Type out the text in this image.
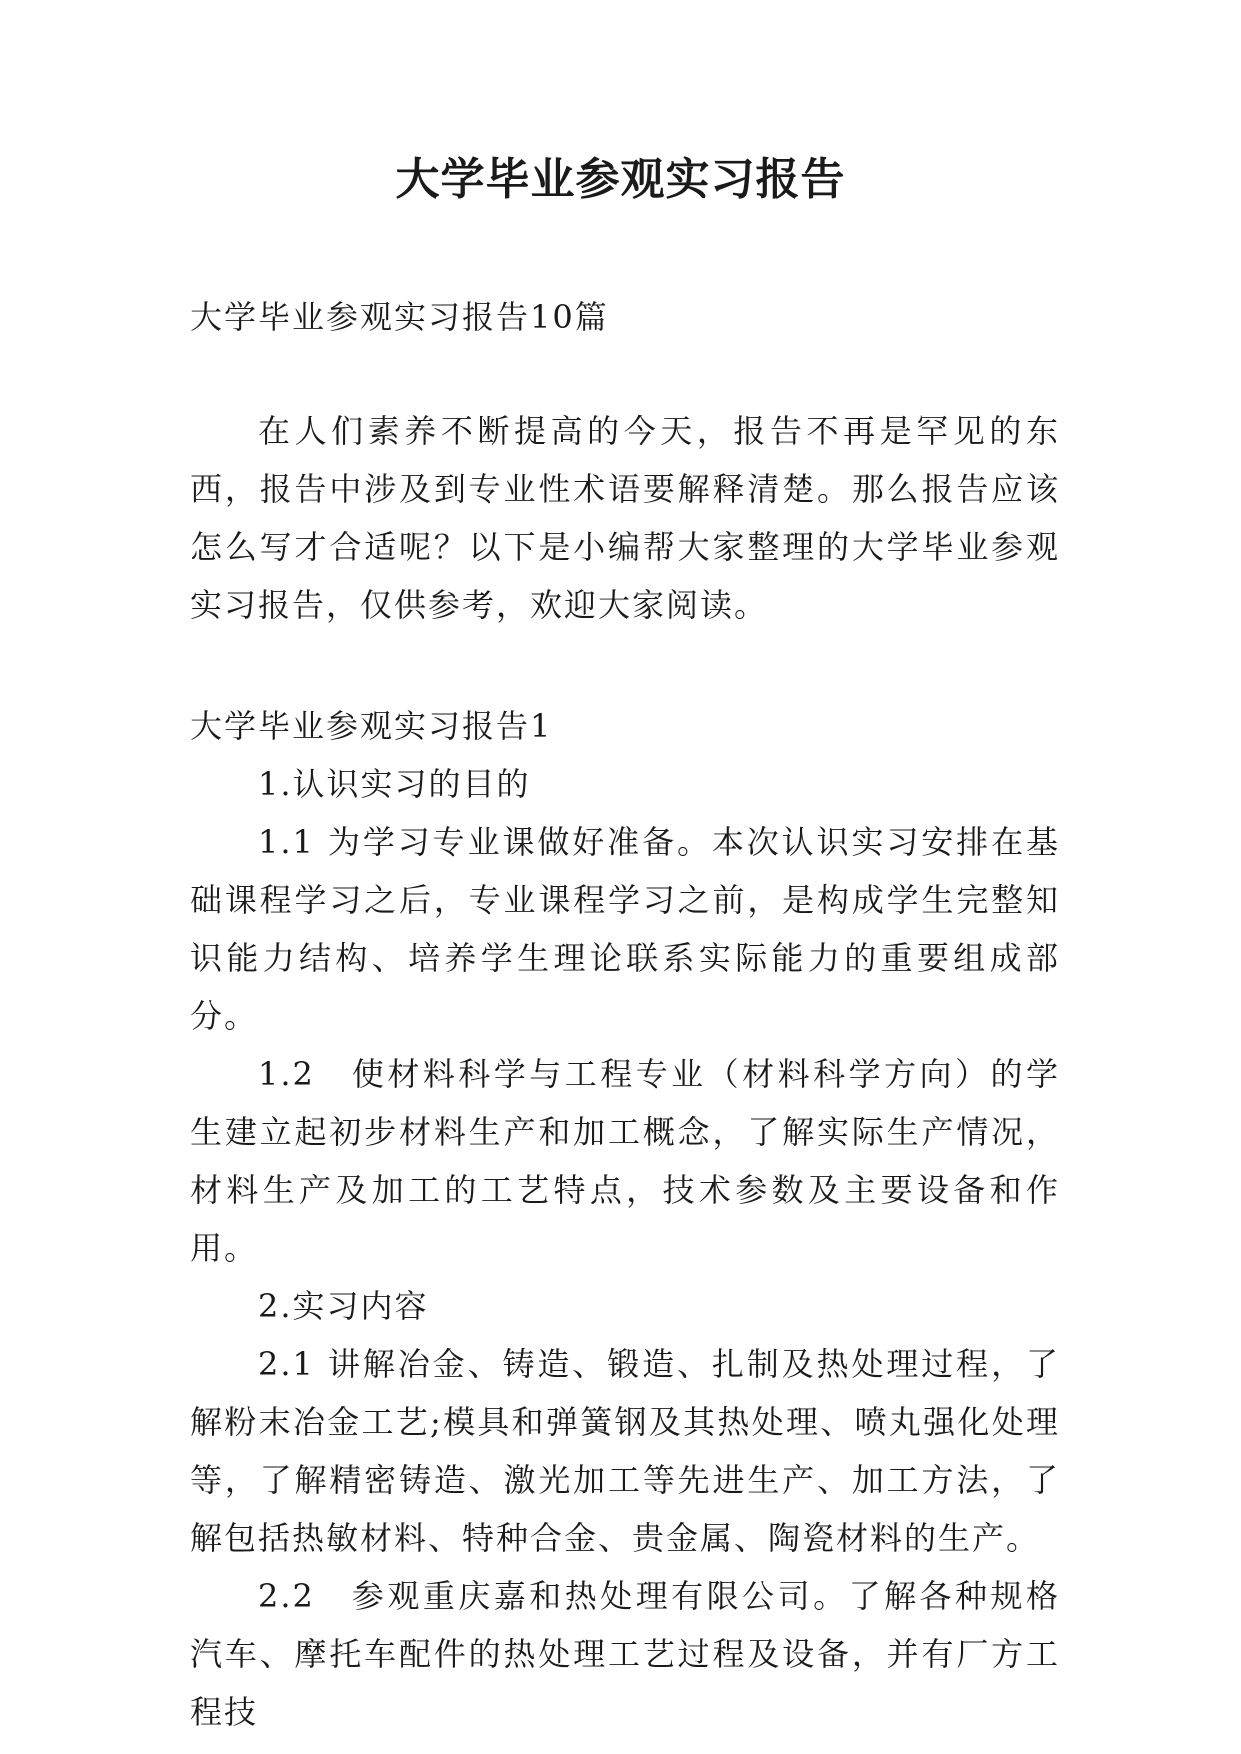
大学毕业参观实习报告

大学毕业参观实习报告10篇

在人们素养不断提高的今天，报告不再是罕见的东西，报告中涉及到专业性术语要解释清楚。那么报告应该怎么写才合适呢？以下是小编帮大家整理的大学毕业参观实习报告，仅供参考，欢迎大家阅读。

大学毕业参观实习报告1

1.认识实习的目的

1.1 为学习专业课做好准备。本次认识实习安排在基础课程学习之后，专业课程学习之前，是构成学生完整知识能力结构、培养学生理论联系实际能力的重要组成部分。

1.2　使材料科学与工程专业（材料科学方向）的学生建立起初步材料生产和加工概念，了解实际生产情况，材料生产及加工的工艺特点，技术参数及主要设备和作用。

2.实习内容

2.1 讲解冶金、铸造、锻造、扎制及热处理过程，了解粉末冶金工艺;模具和弹簧钢及其热处理、喷丸强化处理等，了解精密铸造、激光加工等先进生产、加工方法，了解包括热敏材料、特种合金、贵金属、陶瓷材料的生产。

2.2　参观重庆嘉和热处理有限公司。了解各种规格汽车、摩托车配件的热处理工艺过程及设备，并有厂方工程技
